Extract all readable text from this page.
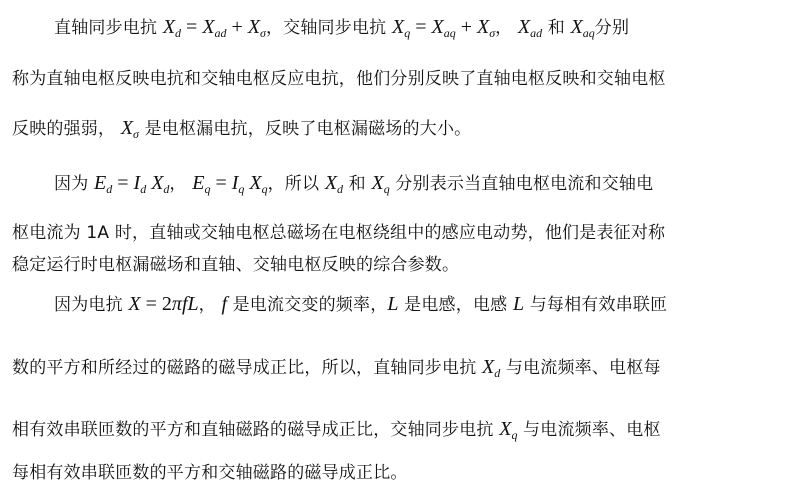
直轴同步电抗 $X_d = X_{ad} + X_\sigma$，交轴同步电抗 $X_q = X_{aq} + X_\sigma$， $X_{ad}$ 和 $X_{aq}$分别
称为直轴电枢反映电抗和交轴电枢反应电抗，他们分别反映了直轴电枢反映和交轴电枢
反映的强弱， $X_\sigma$ 是电枢漏电抗，反映了电枢漏磁场的大小。
因为 $E_d = I_d$ $X_d$， $E_q = I_q$ $X_q$，所以 $X_d$ 和 $X_q$ 分别表示当直轴电枢电流和交轴电
枢电流为 1A 时，直轴或交轴电枢总磁场在电枢绕组中的感应电动势，他们是表征对称
稳定运行时电枢漏磁场和直轴、交轴电枢反映的综合参数。
因为电抗 X = 2πfL， f 是电流交变的频率，L 是电感，电感 L 与每相有效串联匝
数的平方和所经过的磁路的磁导成正比，所以，直轴同步电抗 $X_d$ 与电流频率、电枢每
相有效串联匝数的平方和直轴磁路的磁导成正比，交轴同步电抗 $X_q$ 与电流频率、电枢
每相有效串联匝数的平方和交轴磁路的磁导成正比。
